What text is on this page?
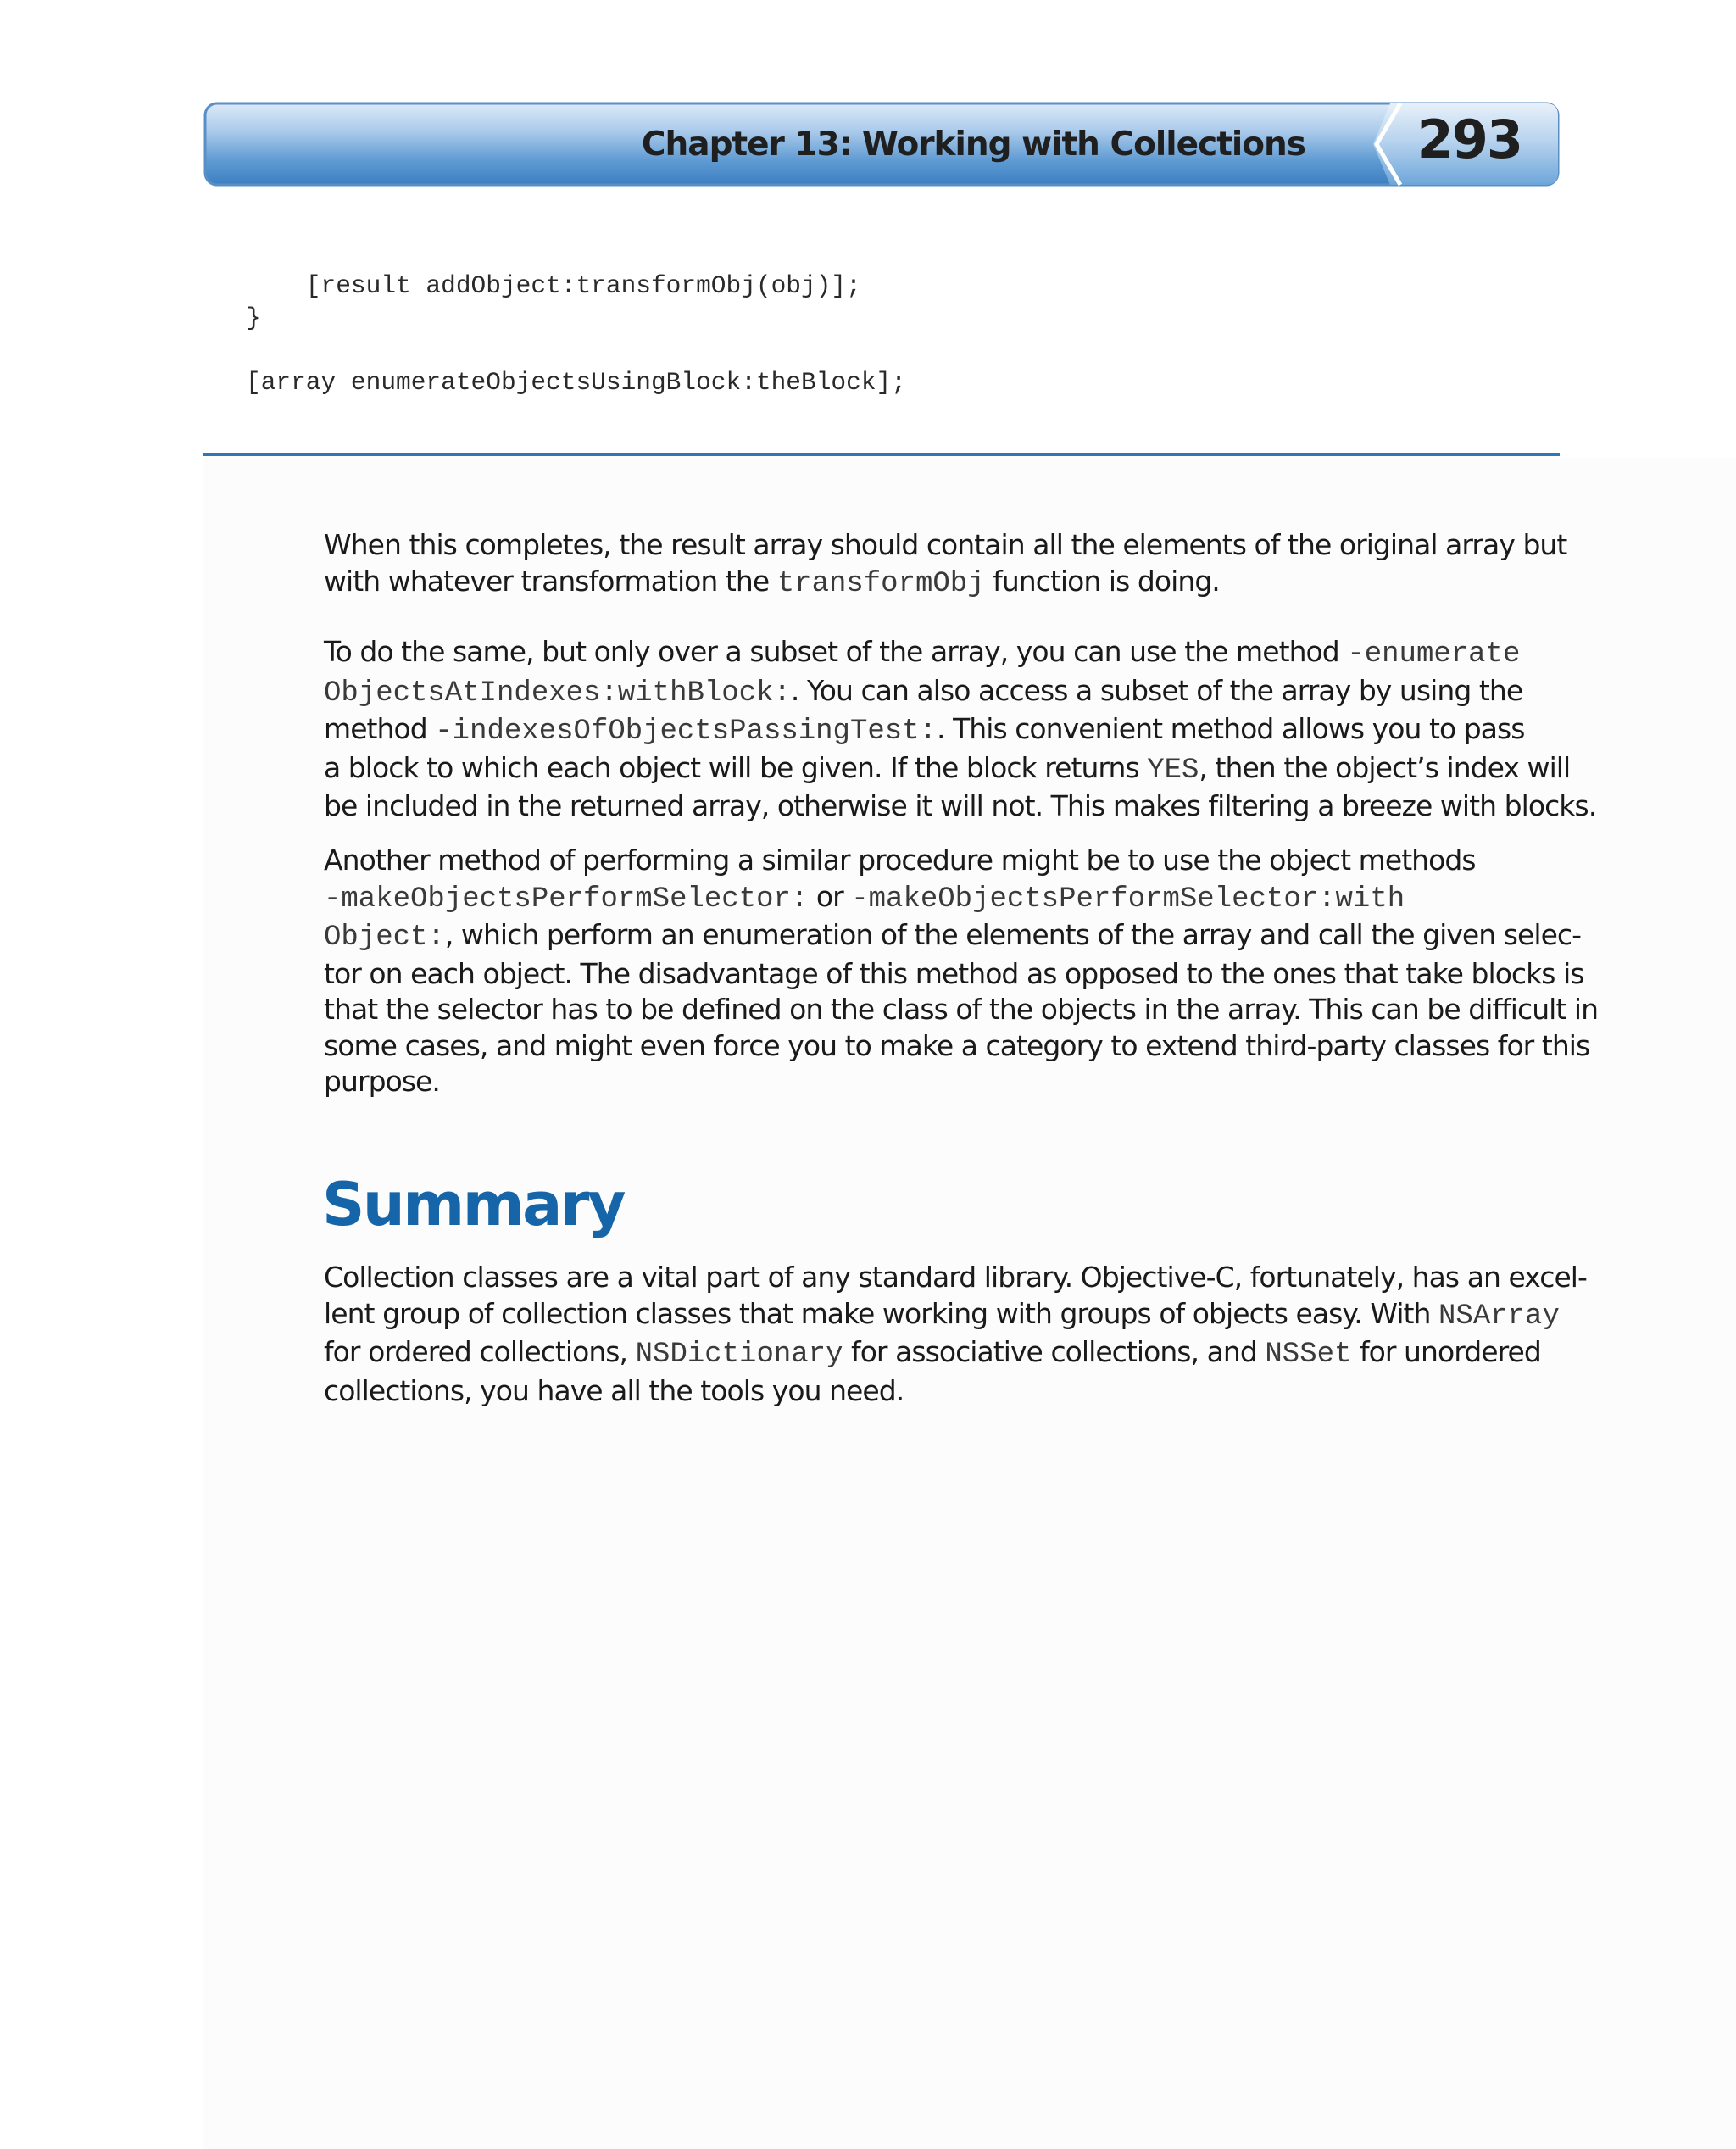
Chapter 13: Working with Collections 293
[result addObject:transformObj(obj)];
}

[array enumerateObjectsUsingBlock:theBlock];

When this completes, the result array should contain all the elements of the original array but
with whatever transformation the transformObj function is doing.

To do the same, but only over a subset of the array, you can use the method -enumerate
ObjectsAtIndexes:withBlock:. You can also access a subset of the array by using the
method -indexesOfObjectsPassingTest:. This convenient method allows you to pass
a block to which each object will be given. If the block returns YES, then the object’s index will
be included in the returned array, otherwise it will not. This makes filtering a breeze with blocks.

Another method of performing a similar procedure might be to use the object methods
-makeObjectsPerformSelector: or -makeObjectsPerformSelector:with
Object:, which perform an enumeration of the elements of the array and call the given selec-
tor on each object. The disadvantage of this method as opposed to the ones that take blocks is
that the selector has to be defined on the class of the objects in the array. This can be difficult in
some cases, and might even force you to make a category to extend third-party classes for this
purpose.

Summary

Collection classes are a vital part of any standard library. Objective-C, fortunately, has an excel-
lent group of collection classes that make working with groups of objects easy. With NSArray
for ordered collections, NSDictionary for associative collections, and NSSet for unordered
collections, you have all the tools you need.
